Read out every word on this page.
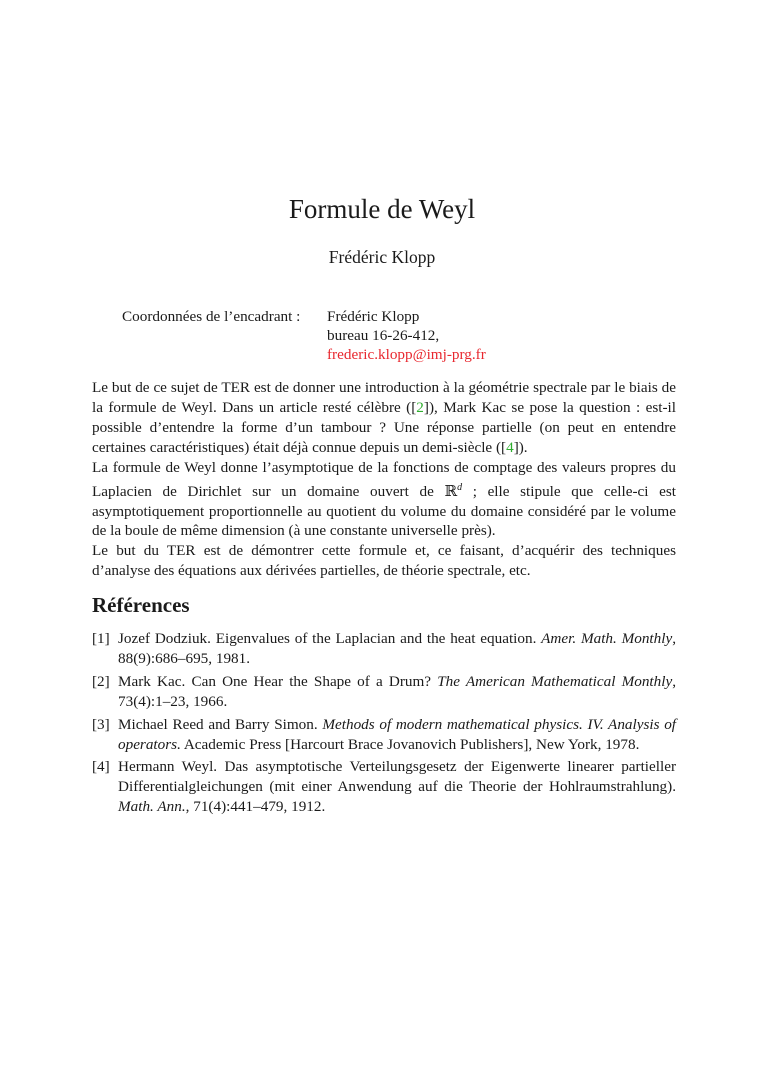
Formule de Weyl
Frédéric Klopp
Coordonnées de l’encadrant : Frédéric Klopp
bureau 16-26-412,
frederic.klopp@imj-prg.fr

Le but de ce sujet de TER est de donner une introduction à la géométrie spectrale par le biais de la formule de Weyl. Dans un article resté célèbre ([2]), Mark Kac se pose la question : est-il possible d’entendre la forme d’un tambour ? Une réponse partielle (on peut en entendre certaines caractéristiques) était déjà connue depuis un demi-siècle ([4]).

La formule de Weyl donne l’asymptotique de la fonctions de comptage des valeurs propres du Laplacien de Dirichlet sur un domaine ouvert de ℝ$^d$ ; elle stipule que celle-ci est asymptotiquement proportionnelle au quotient du volume du domaine considéré par le volume de la boule de même dimension (à une constante universelle près).

Le but du TER est de démontrer cette formule et, ce faisant, d’acquérir des techniques d’analyse des équations aux dérivées partielles, de théorie spectrale, etc.

Références
[1] Jozef Dodziuk. Eigenvalues of the Laplacian and the heat equation. Amer. Math. Monthly, 88(9):686–695, 1981.
[2] Mark Kac. Can One Hear the Shape of a Drum? The American Mathematical Monthly, 73(4):1–23, 1966.
[3] Michael Reed and Barry Simon. Methods of modern mathematical physics. IV. Analysis of operators. Academic Press [Harcourt Brace Jovanovich Publishers], New York, 1978.
[4] Hermann Weyl. Das asymptotische Verteilungsgesetz der Eigenwerte linearer partieller Differentialgleichungen (mit einer Anwendung auf die Theorie der Hohlraumstrahlung). Math. Ann., 71(4):441–479, 1912.
